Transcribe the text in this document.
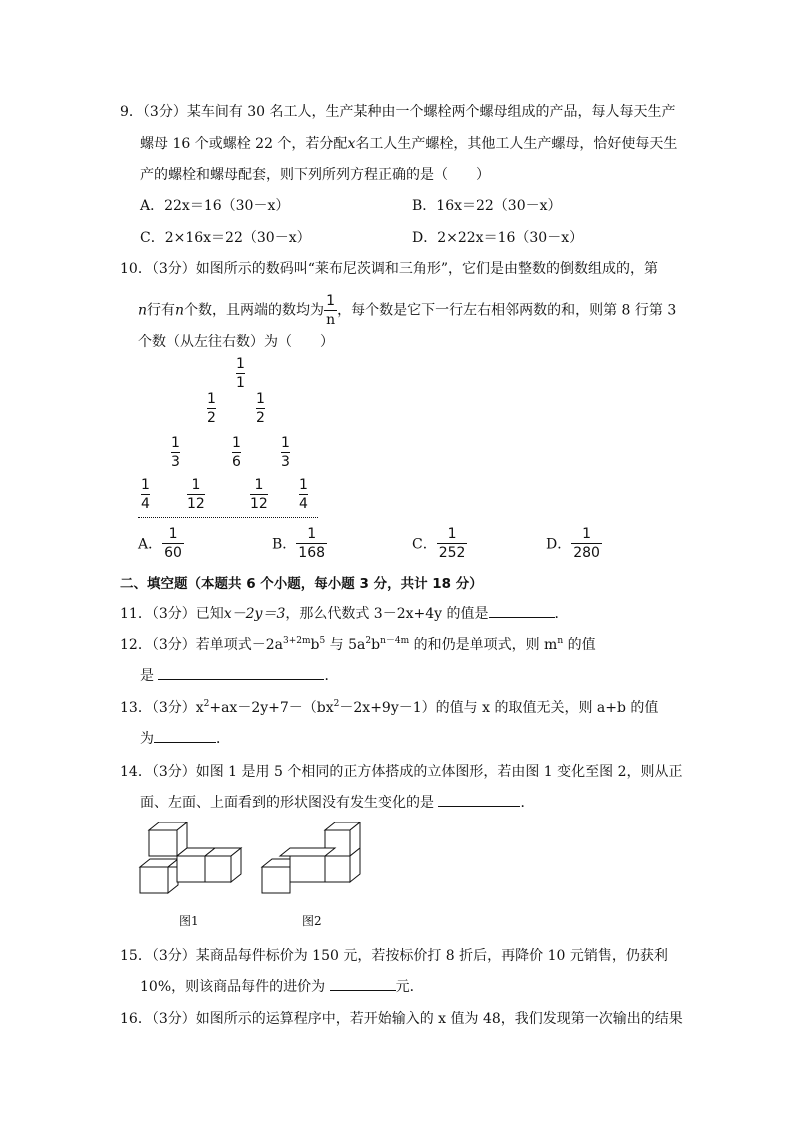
9．（3分）某车间有 30 名工人，生产某种由一个螺栓两个螺母组成的产品，每人每天生产
螺母 16 个或螺栓 22 个，若分配x名工人生产螺栓，其他工人生产螺母，恰好使每天生
产的螺栓和螺母配套，则下列所列方程正确的是（　　）
A．22x＝16（30－x）	B．16x＝22（30－x）
C．2×16x＝22（30－x）	D．2×22x＝16（30－x）
10．（3分）如图所示的数码叫“莱布尼茨调和三角形”，它们是由整数的倒数组成的，第
n行有n个数，且两端的数均为 $\frac{1}{n}$ ，每个数是它下一行左右相邻两数的和，则第 8 行第 3
个数（从左往右数）为（　　）
1
1
1
2
1
2
1
3
1
6
1
3
1
4
1
12
1
12
1
4
A． $\frac{1}{60}$	B． $\frac{1}{168}$	C． $\frac{1}{252}$	D． $\frac{1}{280}$
二、填空题（本题共 6 个小题，每小题 3 分，共计 18 分）
11．（3分）已知x－2y＝3，那么代数式 3－2x+4y 的值是	．
12．（3分）若单项式$-2a^{3+2m}b^5$ 与 $5a^2b^{n-4m}$ 的和仍是单项式，则 $m^n$ 的值
是	．
13．（3分）$x^2+ax-2y+7-(bx^2-2x+9y-1)$的值与 x 的取值无关，则 a+b 的值
为	．
14．（3分）如图 1 是用 5 个相同的正方体搭成的立体图形，若由图 1 变化至图 2，则从正
面、左面、上面看到的形状图没有发生变化的是	．
图1	图2
15．（3分）某商品每件标价为 150 元，若按标价打 8 折后，再降价 10 元销售，仍获利
10%，则该商品每件的进价为	元．
16．（3分）如图所示的运算程序中，若开始输入的 x 值为 48，我们发现第一次输出的结果
